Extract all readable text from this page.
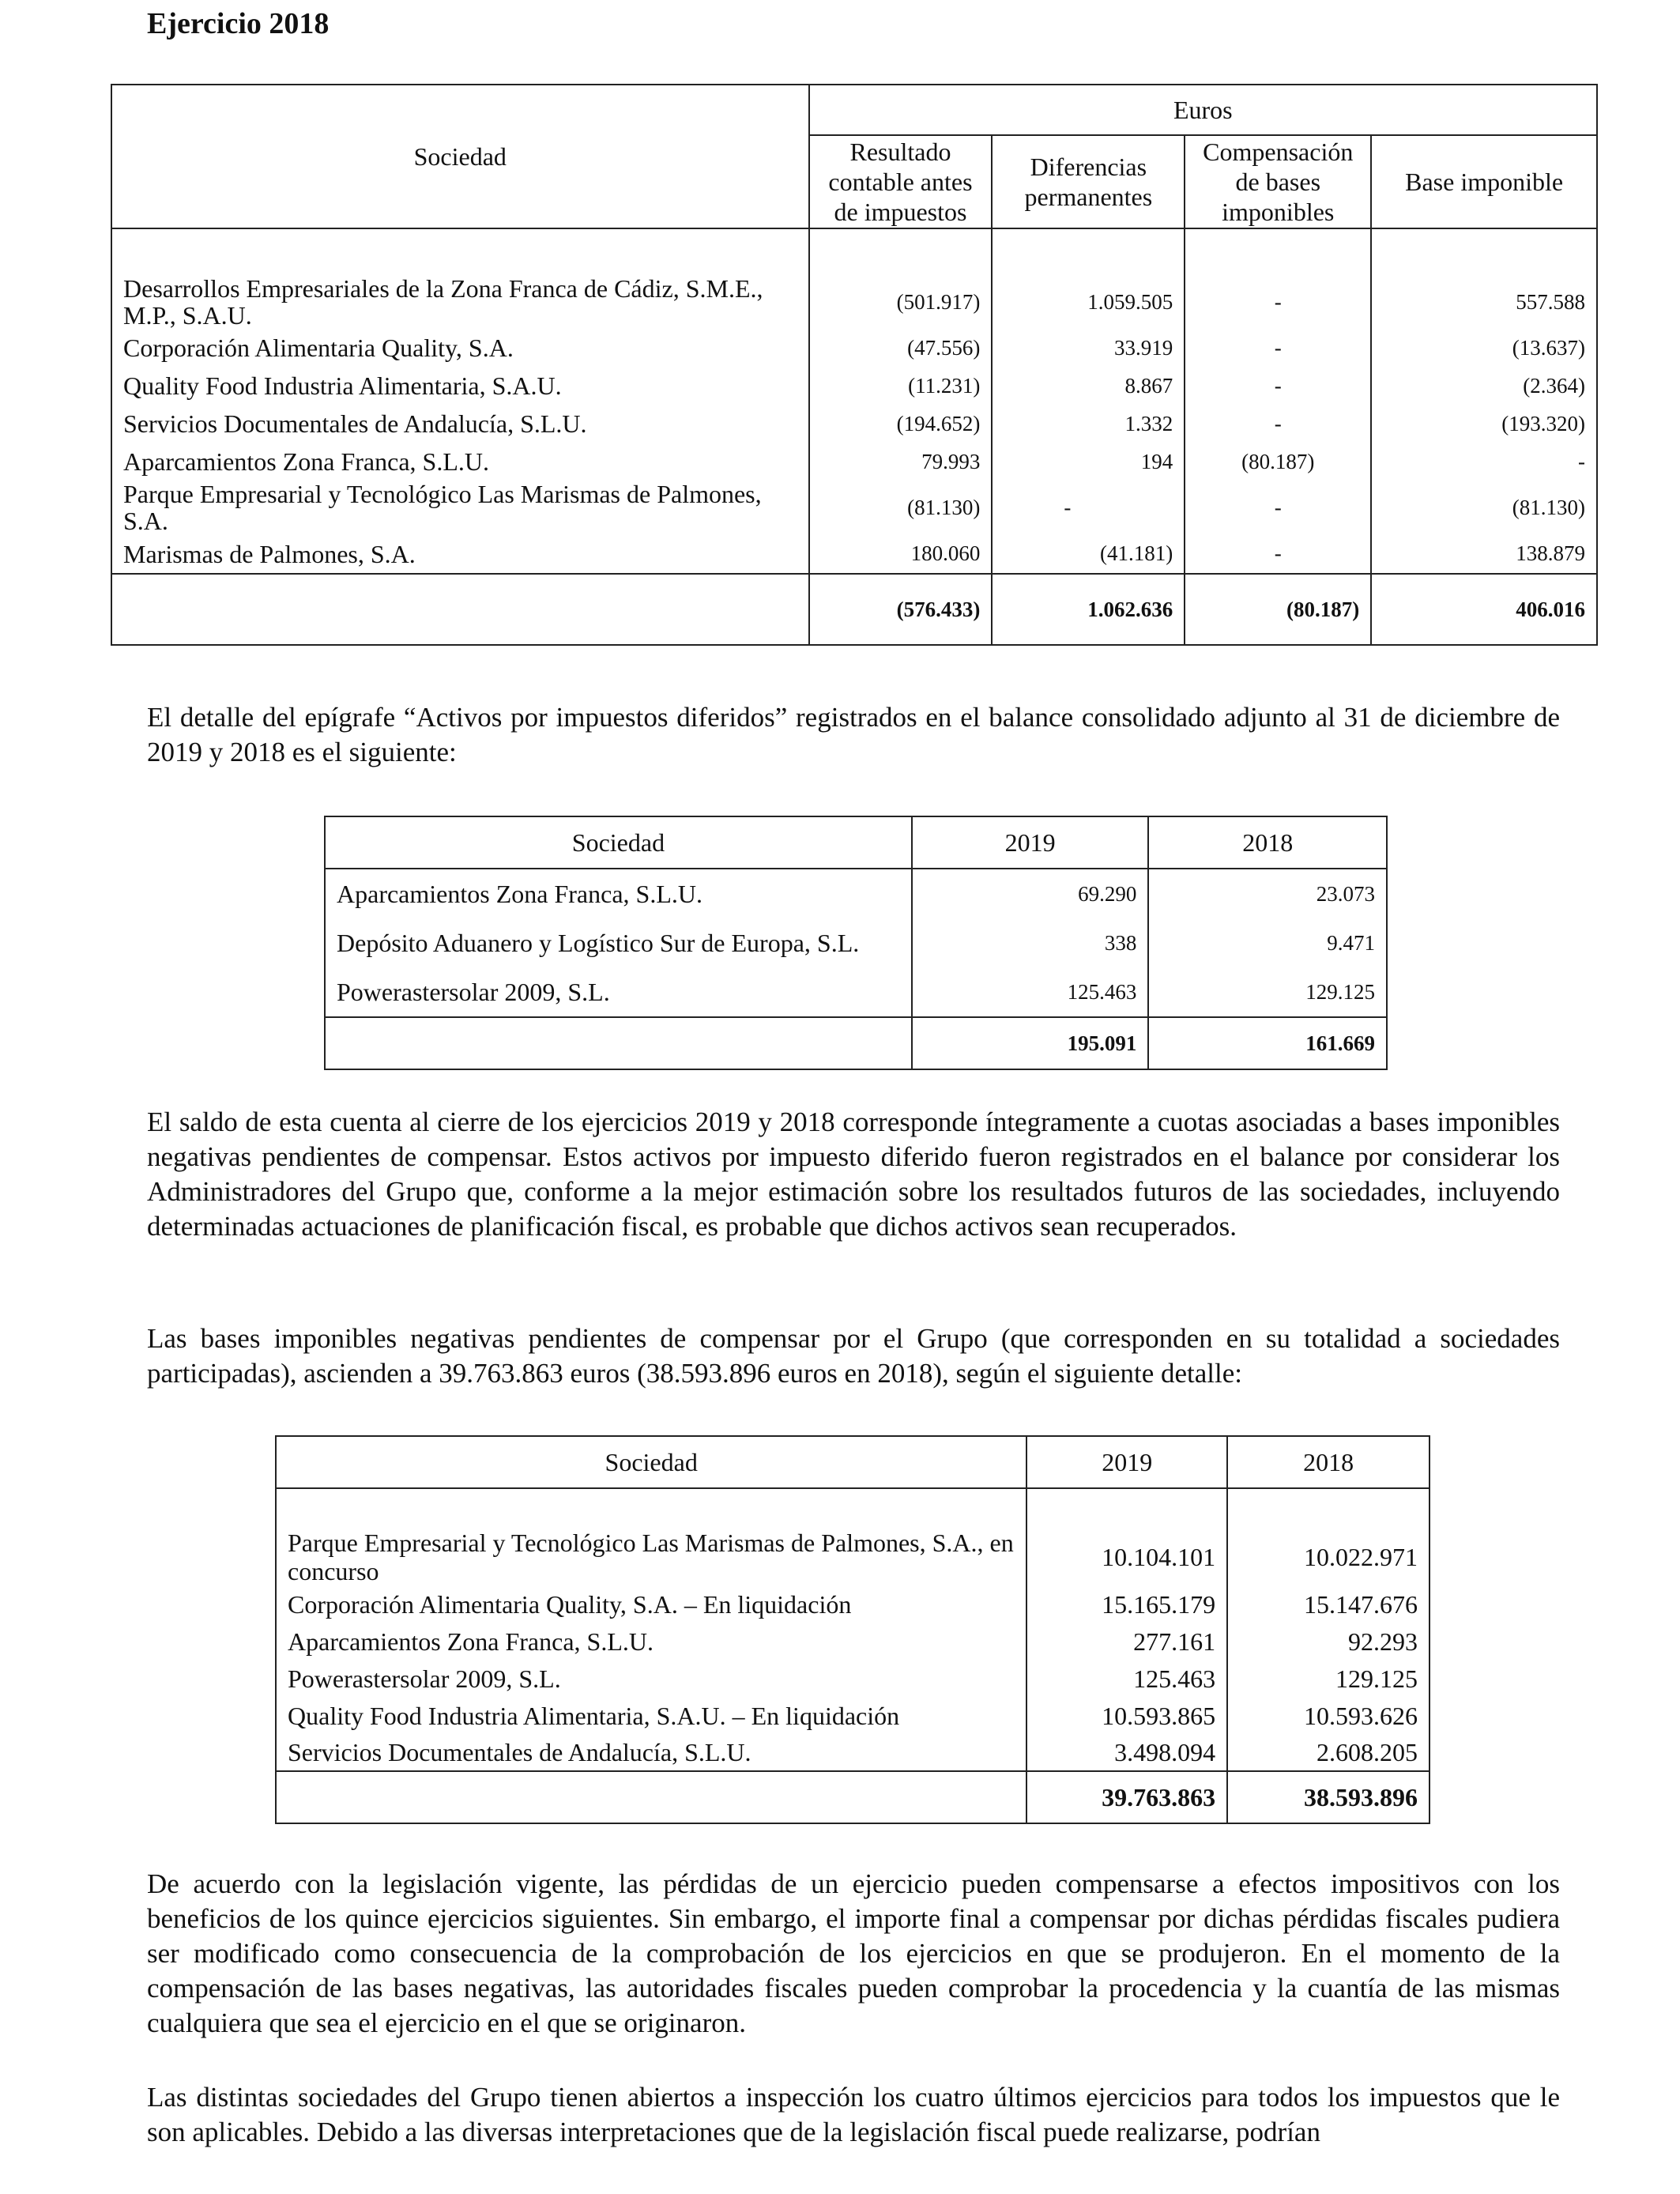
Ejercicio 2018
Sociedad	Euros			
	Resultado contable antes de impuestos	Diferencias permanentes	Compensación de bases imponibles	Base imponible

Desarrollos Empresariales de la Zona Franca de Cádiz, S.M.E., M.P., S.A.U.	(501.917)	1.059.505	-	557.588
Corporación Alimentaria Quality, S.A.	(47.556)	33.919	-	(13.637)
Quality Food Industria Alimentaria, S.A.U.	(11.231)	8.867	-	(2.364)
Servicios Documentales de Andalucía, S.L.U.	(194.652)	1.332	-	(193.320)
Aparcamientos Zona Franca, S.L.U.	79.993	194	(80.187)	-
Parque Empresarial y Tecnológico Las Marismas de Palmones, S.A.	(81.130)	-	-	(81.130)
Marismas de Palmones, S.A.	180.060	(41.181)	-	138.879
	(576.433)	1.062.636	(80.187)	406.016
El detalle del epígrafe “Activos por impuestos diferidos” registrados en el balance consolidado adjunto al 31 de diciembre de 2019 y 2018 es el siguiente:
Sociedad	2019	2018
Aparcamientos Zona Franca, S.L.U.	69.290	23.073
Depósito Aduanero y Logístico Sur de Europa, S.L.	338	9.471
Powerastersolar 2009, S.L.	125.463	129.125
	195.091	161.669
El saldo de esta cuenta al cierre de los ejercicios 2019 y 2018 corresponde íntegramente a cuotas asociadas a bases imponibles negativas pendientes de compensar. Estos activos por impuesto diferido fueron registrados en el balance por considerar los Administradores del Grupo que, conforme a la mejor estimación sobre los resultados futuros de las sociedades, incluyendo determinadas actuaciones de planificación fiscal, es probable que dichos activos sean recuperados.
Las bases imponibles negativas pendientes de compensar por el Grupo (que corresponden en su totalidad a sociedades participadas), ascienden a 39.763.863 euros (38.593.896 euros en 2018), según el siguiente detalle:
Sociedad	2019	2018

Parque Empresarial y Tecnológico Las Marismas de Palmones, S.A., en concurso	10.104.101	10.022.971
Corporación Alimentaria Quality, S.A. – En liquidación	15.165.179	15.147.676
Aparcamientos Zona Franca, S.L.U.	277.161	92.293
Powerastersolar 2009, S.L.	125.463	129.125
Quality Food Industria Alimentaria, S.A.U. – En liquidación	10.593.865	10.593.626
Servicios Documentales de Andalucía, S.L.U.	3.498.094	2.608.205
	39.763.863	38.593.896
De acuerdo con la legislación vigente, las pérdidas de un ejercicio pueden compensarse a efectos impositivos con los beneficios de los quince ejercicios siguientes. Sin embargo, el importe final a compensar por dichas pérdidas fiscales pudiera ser modificado como consecuencia de la comprobación de los ejercicios en que se produjeron. En el momento de la compensación de las bases negativas, las autoridades fiscales pueden comprobar la procedencia y la cuantía de las mismas cualquiera que sea el ejercicio en el que se originaron.
Las distintas sociedades del Grupo tienen abiertos a inspección los cuatro últimos ejercicios para todos los impuestos que le son aplicables. Debido a las diversas interpretaciones que de la legislación fiscal puede realizarse, podrían
